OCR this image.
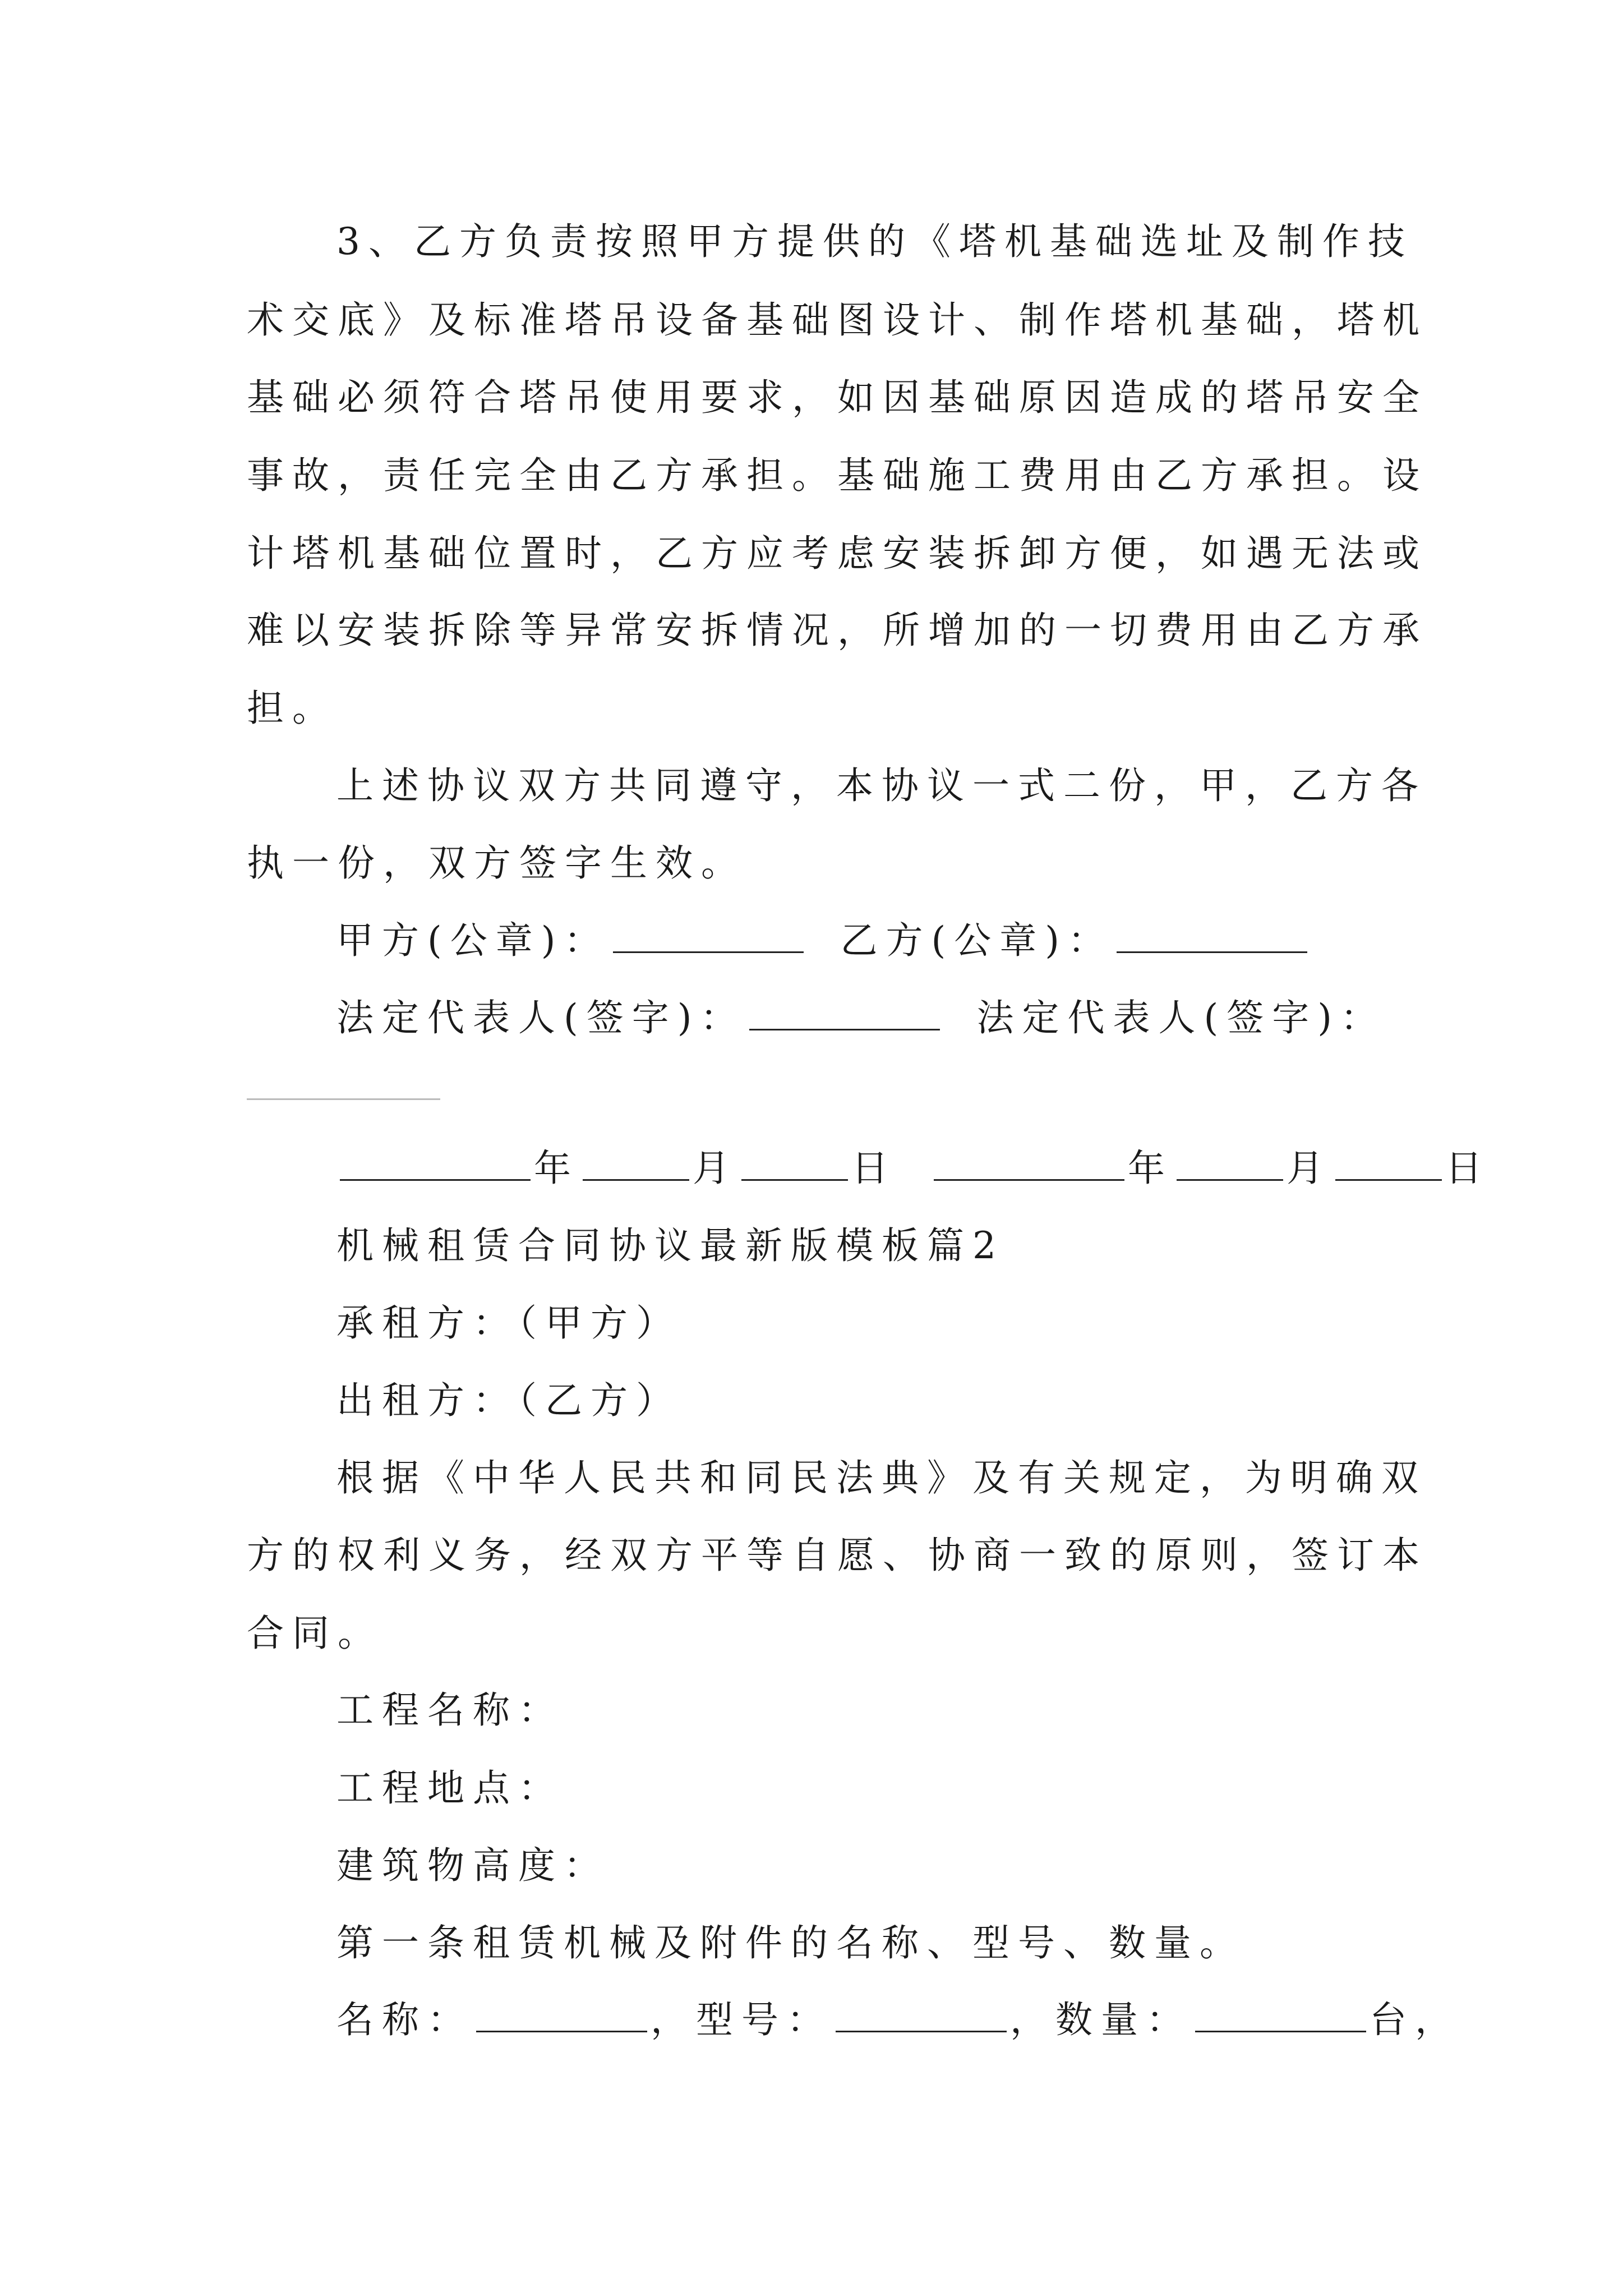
3、乙方负责按照甲方提供的《塔机基础选址及制作技
术交底》及标准塔吊设备基础图设计、制作塔机基础，塔机
基础必须符合塔吊使用要求，如因基础原因造成的塔吊安全
事故，责任完全由乙方承担。基础施工费用由乙方承担。设
计塔机基础位置时，乙方应考虑安装拆卸方便，如遇无法或
难以安装拆除等异常安拆情况，所增加的一切费用由乙方承
担。
上述协议双方共同遵守，本协议一式二份，甲，乙方各
执一份，双方签字生效。
甲方(公章)：	乙方(公章)：
法定代表人(签字)：	法定代表人(签字)：
年	月	日	年	月	日
机械租赁合同协议最新版模板篇2
承租方：（甲方）
出租方：（乙方）
根据《中华人民共和同民法典》及有关规定，为明确双
方的权利义务，经双方平等自愿、协商一致的原则，签订本
合同。
工程名称：
工程地点：
建筑物高度：
第一条租赁机械及附件的名称、型号、数量。
名称：	，型号：	，数量：	台，
